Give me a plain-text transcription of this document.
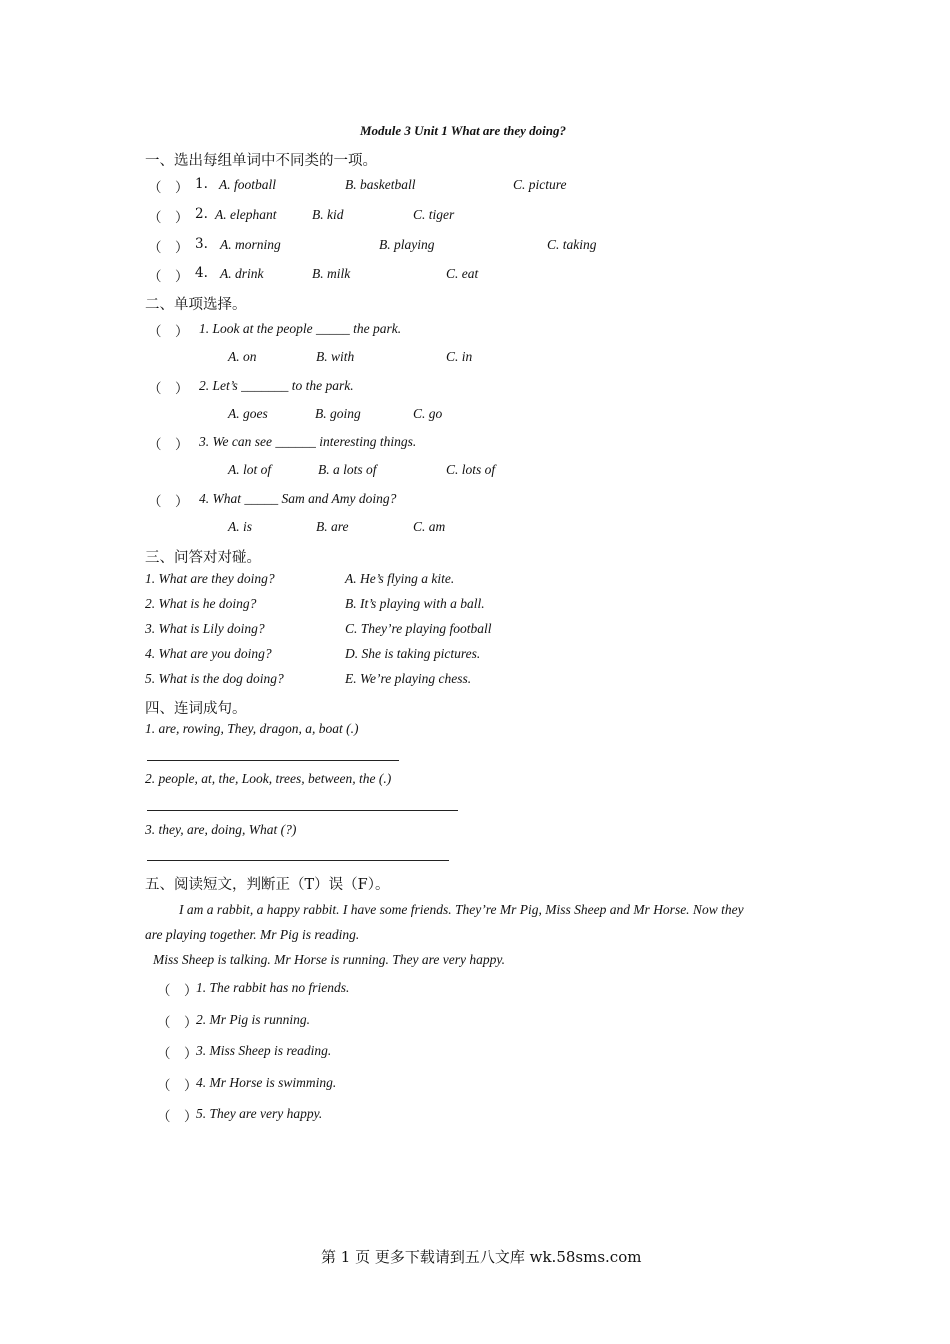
Module 3 Unit 1 What are they doing?
一、选出每组单词中不同类的一项。
（　） 1. A. football	B. basketball	C. picture
（　） 2. A. elephant	B. kid	C. tiger
（　） 3. A. morning	B. playing	C. taking
（　） 4. A. drink	B. milk	C. eat
二、单项选择。
（　） 1. Look at the people _____ the park.
A. on	B. with	C. in
（　） 2. Let’s _______ to the park.
A. goes	B. going	C. go
（　） 3. We can see ______ interesting things.
A. lot of	B. a lots of	C. lots of
（　） 4. What _____ Sam and Amy doing?
A. is	B. are	C. am
三、问答对对碰。
1. What are they doing?	A. He’s flying a kite.
2. What is he doing?	B. It’s playing with a ball.
3. What is Lily doing?	C. They’re playing football
4. What are you doing?	D. She is taking pictures.
5. What is the dog doing?	E. We’re playing chess.
四、连词成句。
1. are, rowing, They, dragon, a, boat (.)
2. people, at, the, Look, trees, between, the (.)
3. they, are, doing, What (?)
五、阅读短文，判断正（T）误（F）。
I am a rabbit, a happy rabbit. I have some friends. They’re Mr Pig, Miss Sheep and Mr Horse. Now they
are playing together. Mr Pig is reading.
Miss Sheep is talking. Mr Horse is running. They are very happy.
（　）
1. The rabbit has no friends.
（　）
2. Mr Pig is running.
（　）
3. Miss Sheep is reading.
（　）
4. Mr Horse is swimming.
（　）
5. They are very happy.
第 1 页 更多下载请到五八文库 wk.58sms.com
